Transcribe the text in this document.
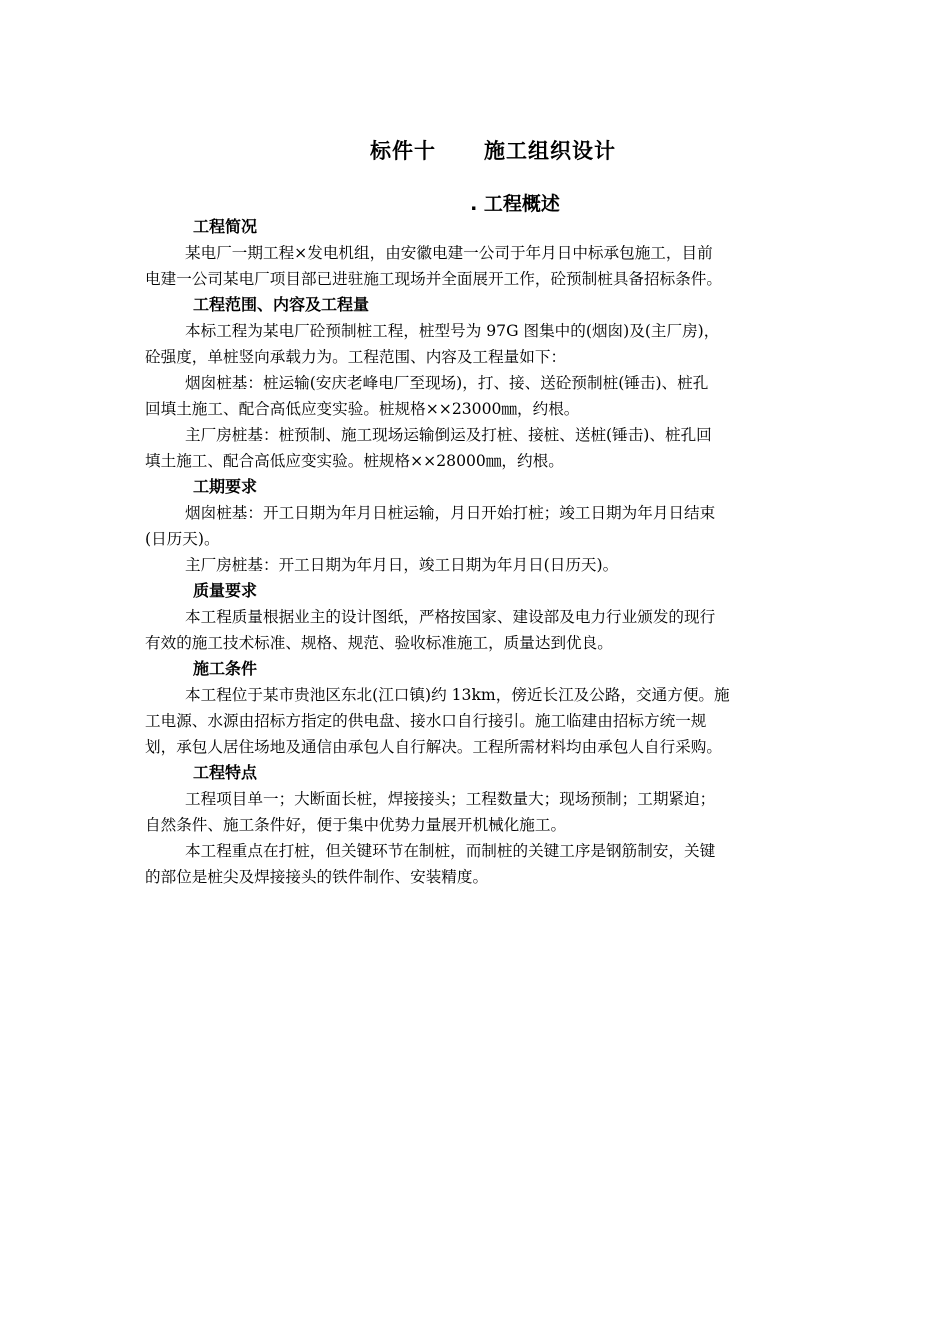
标件十 施工组织设计
. 工程概述
工程简况

某电厂一期工程×发电机组，由安徽电建一公司于年月日中标承包施工，目前
电建一公司某电厂项目部已进驻施工现场并全面展开工作，砼预制桩具备招标条件。

工程范围、内容及工程量

本标工程为某电厂砼预制桩工程，桩型号为 97G 图集中的(烟囱)及(主厂房)，
砼强度，单桩竖向承载力为。工程范围、内容及工程量如下：

烟囱桩基：桩运输(安庆老峰电厂至现场)，打、接、送砼预制桩(锤击)、桩孔
回填土施工、配合高低应变实验。桩规格××23000㎜，约根。

主厂房桩基：桩预制、施工现场运输倒运及打桩、接桩、送桩(锤击)、桩孔回
填土施工、配合高低应变实验。桩规格××28000㎜，约根。

工期要求

烟囱桩基：开工日期为年月日桩运输，月日开始打桩；竣工日期为年月日结束
(日历天)。

主厂房桩基：开工日期为年月日，竣工日期为年月日(日历天)。

质量要求

本工程质量根据业主的设计图纸，严格按国家、建设部及电力行业颁发的现行
有效的施工技术标准、规格、规范、验收标准施工，质量达到优良。

施工条件

本工程位于某市贵池区东北(江口镇)约 13km，傍近长江及公路，交通方便。施
工电源、水源由招标方指定的供电盘、接水口自行接引。施工临建由招标方统一规
划，承包人居住场地及通信由承包人自行解决。工程所需材料均由承包人自行采购。

工程特点

工程项目单一；大断面长桩，焊接接头；工程数量大；现场预制；工期紧迫；
自然条件、施工条件好，便于集中优势力量展开机械化施工。

本工程重点在打桩，但关键环节在制桩，而制桩的关键工序是钢筋制安，关键
的部位是桩尖及焊接接头的铁件制作、安装精度。
